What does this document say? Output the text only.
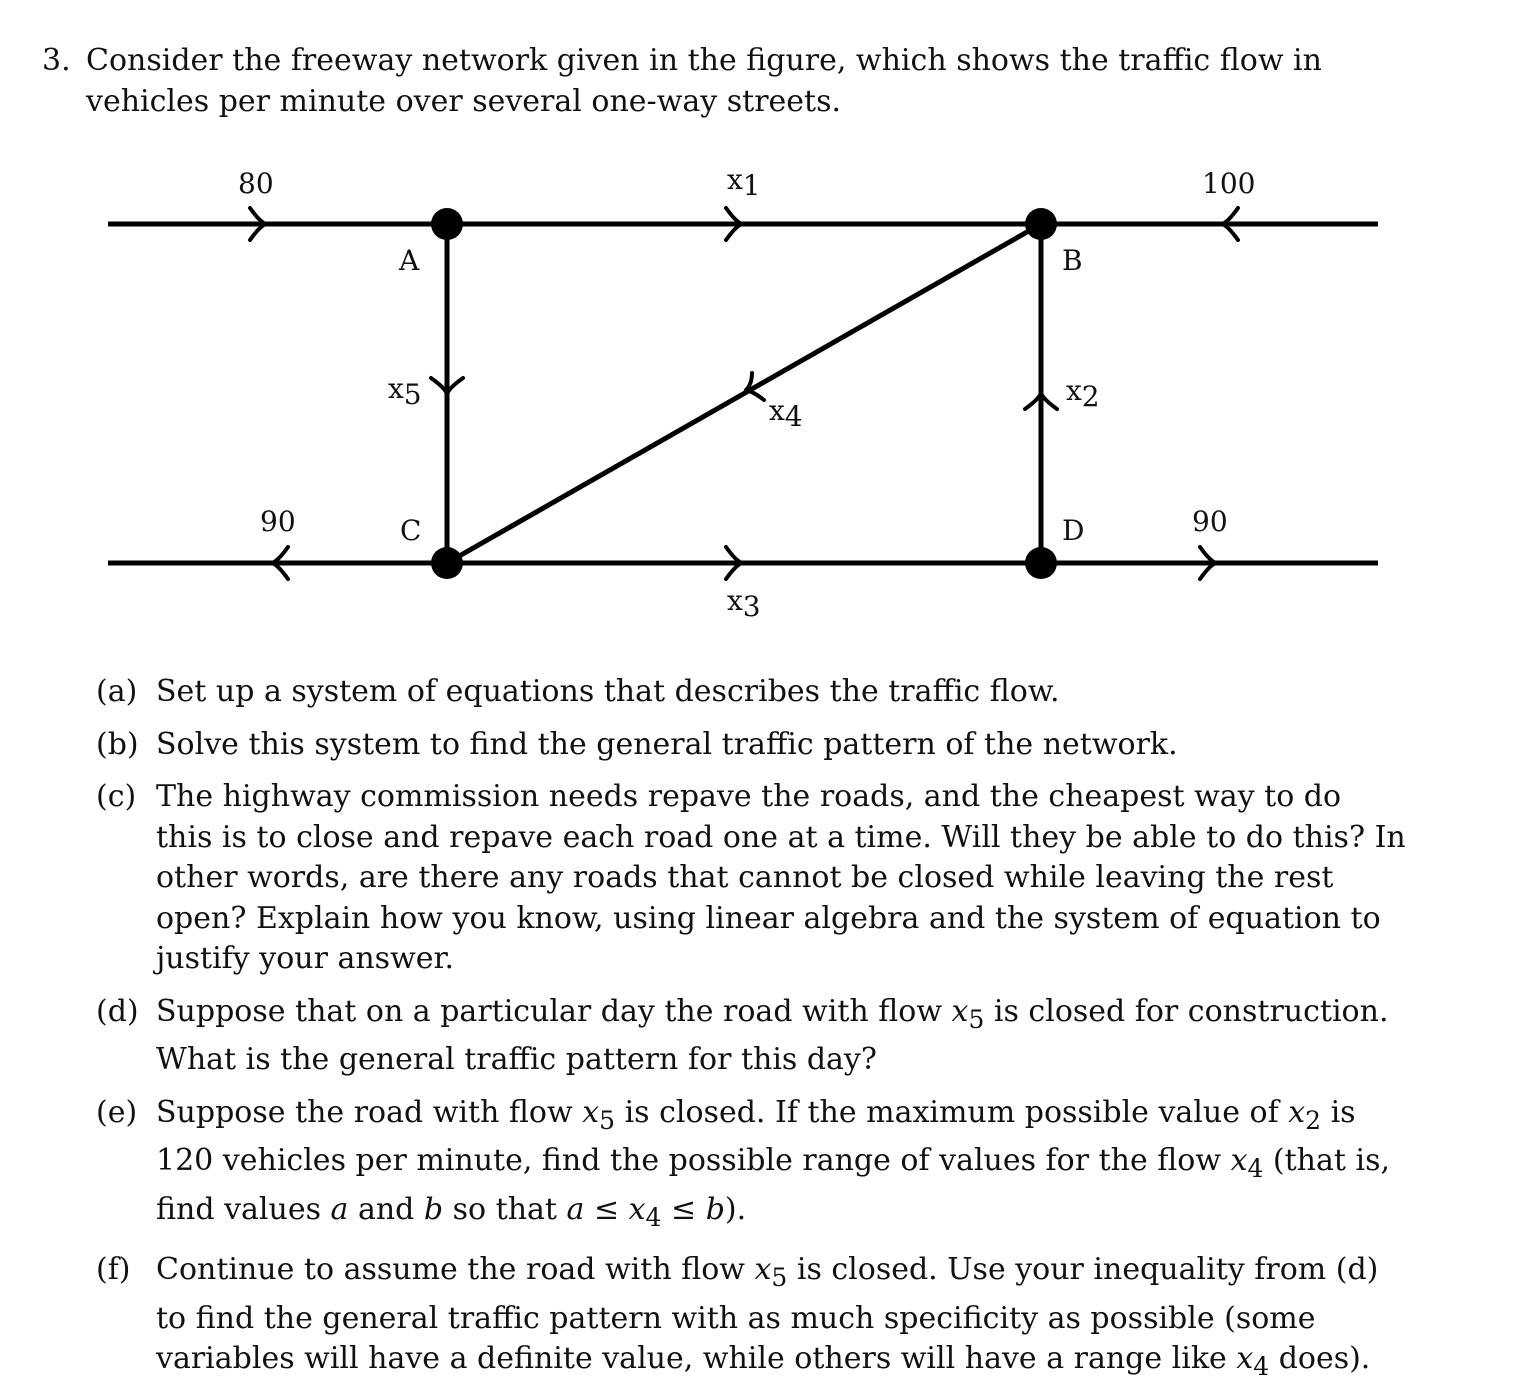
3. Consider the freeway network given in the figure, which shows the traffic flow in vehicles per minute over several one-way streets.
A	B
C	D
80
90
100
90
x1
x2
x3
x4
x5
(a) Set up a system of equations that describes the traffic flow.
(b) Solve this system to find the general traffic pattern of the network.
(c) The highway commission needs repave the roads, and the cheapest way to do this is to close and repave each road one at a time. Will they be able to do this? In other words, are there any roads that cannot be closed while leaving the rest open? Explain how you know, using linear algebra and the system of equation to justify your answer.
(d) Suppose that on a particular day the road with flow $x_5$ is closed for construction. What is the general traffic pattern for this day?
(e) Suppose the road with flow $x_5$ is closed. If the maximum possible value of $x_2$ is 120 vehicles per minute, find the possible range of values for the flow $x_4$ (that is, find values a and b so that $a \le x_4 \le b$).
(f) Continue to assume the road with flow $x_5$ is closed. Use your inequality from (d) to find the general traffic pattern with as much specificity as possible (some variables will have a definite value, while others will have a range like $x_4$ does).
